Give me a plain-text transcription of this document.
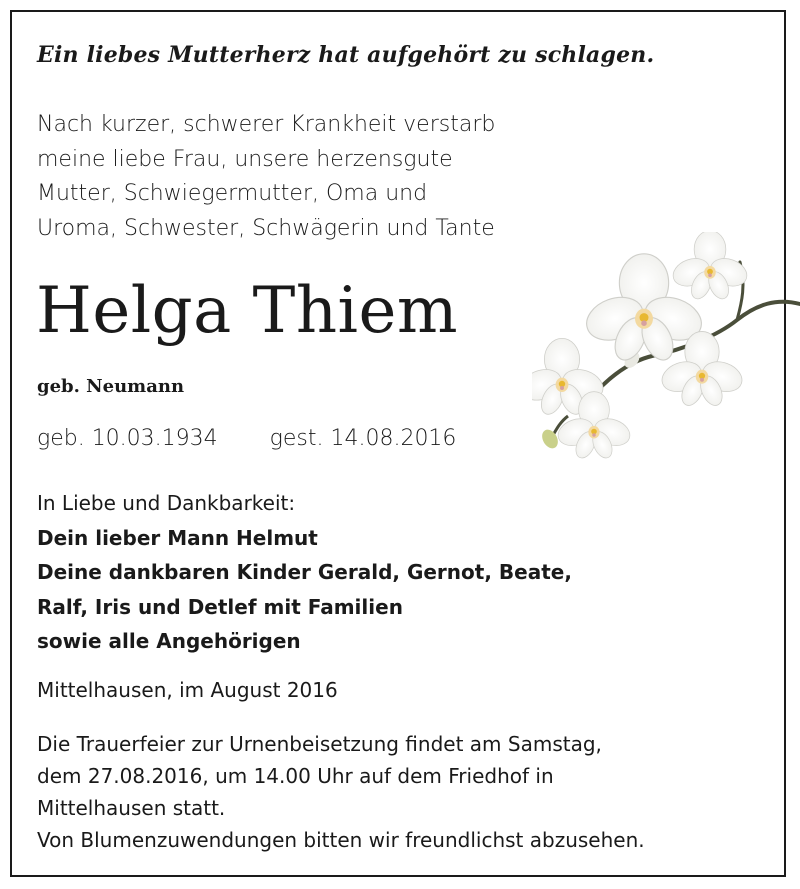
Ein liebes Mutterherz hat aufgehört zu schlagen.
Nach kurzer, schwerer Krankheit verstarb
meine liebe Frau, unsere herzensgute
Mutter, Schwiegermutter, Oma und
Uroma, Schwester, Schwägerin und Tante
Helga Thiem
geb. Neumann
geb. 10.03.1934 gest. 14.08.2016
In Liebe und Dankbarkeit:
Dein lieber Mann Helmut
Deine dankbaren Kinder Gerald, Gernot, Beate,
Ralf, Iris und Detlef mit Familien
sowie alle Angehörigen
Mittelhausen, im August 2016
Die Trauerfeier zur Urnenbeisetzung findet am Samstag,
dem 27.08.2016, um 14.00 Uhr auf dem Friedhof in
Mittelhausen statt.
Von Blumenzuwendungen bitten wir freundlichst abzusehen.
